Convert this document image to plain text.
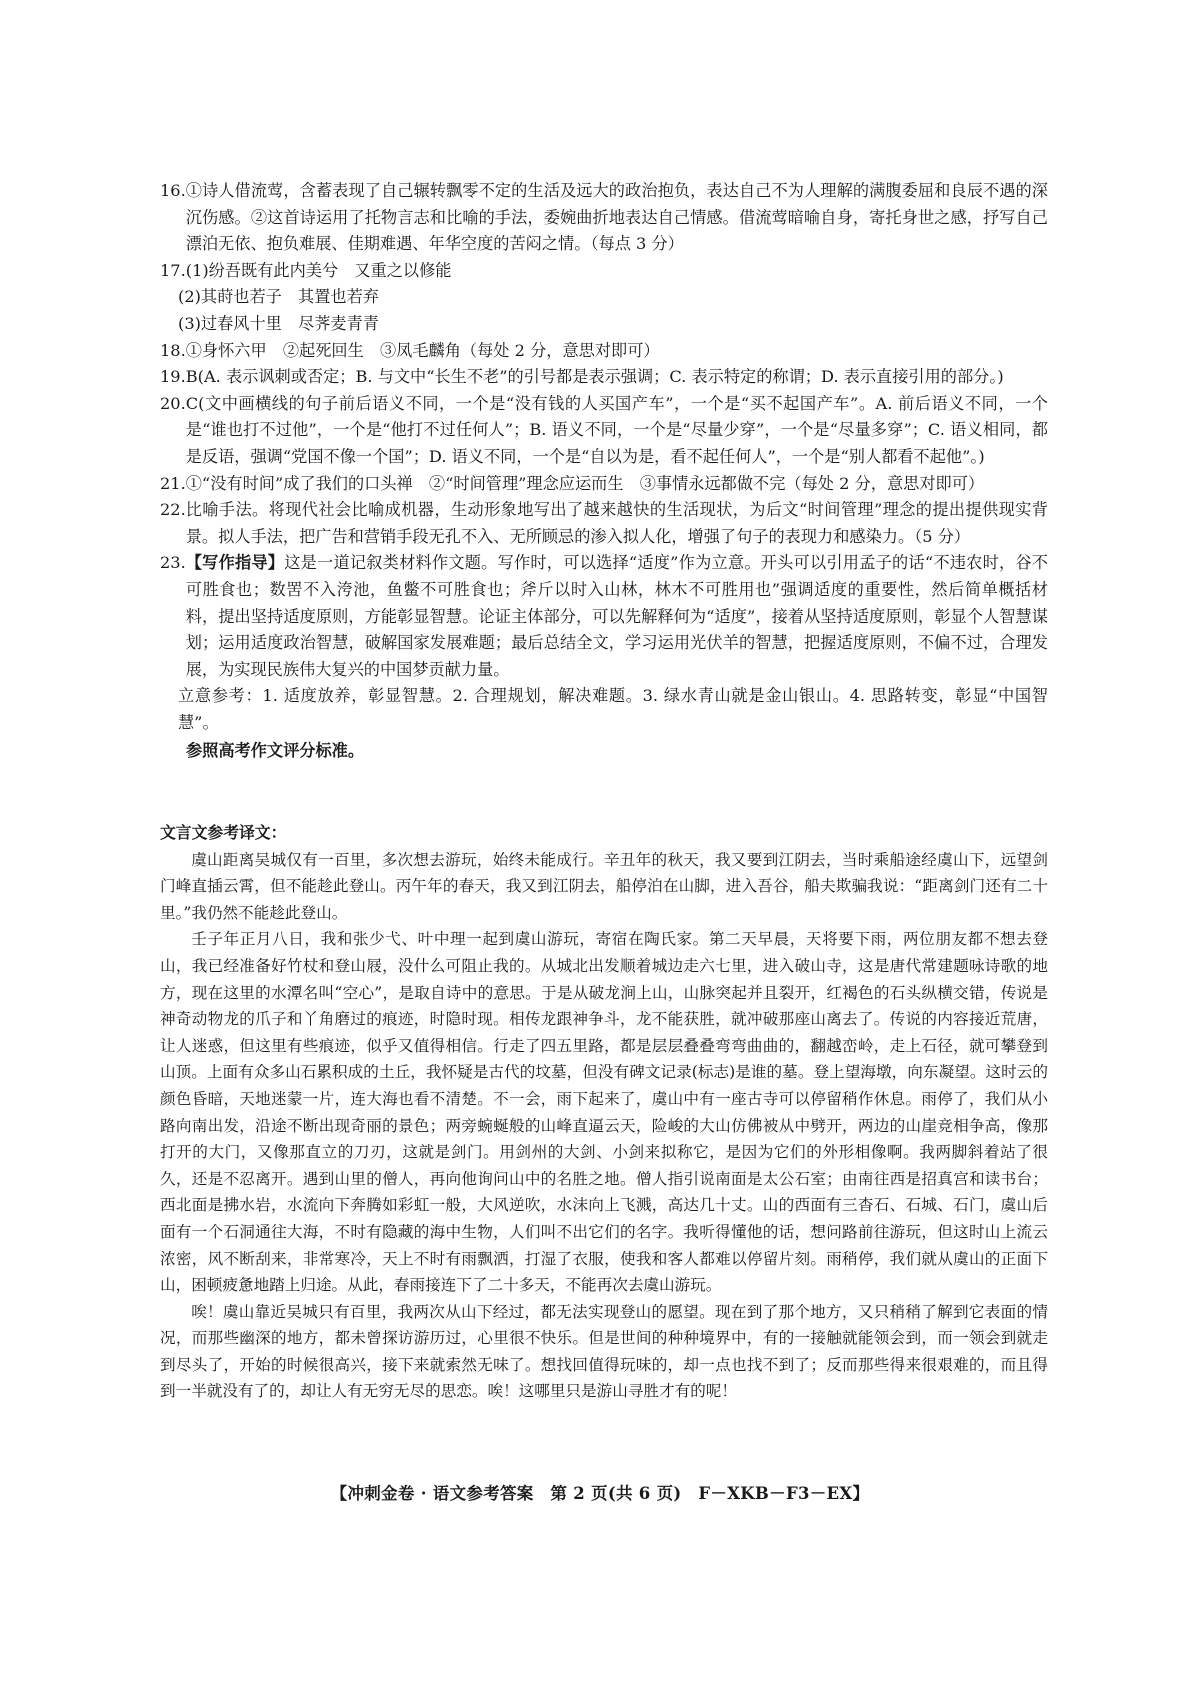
16. ①诗人借流莺，含蓄表现了自己辗转飘零不定的生活及远大的政治抱负，表达自己不为人理解的满腹委屈和良辰不遇的深沉伤感。②这首诗运用了托物言志和比喻的手法，委婉曲折地表达自己情感。借流莺暗喻自身，寄托身世之感，抒写自己漂泊无依、抱负难展、佳期难遇、年华空度的苦闷之情。（每点 3 分）
17. (1)纷吾既有此内美兮　又重之以修能
(2)其莳也若子　其置也若弃
(3)过春风十里　尽荠麦青青
18. ①身怀六甲　②起死回生　③凤毛麟角（每处 2 分，意思对即可）
19. B(A. 表示讽刺或否定；B. 与文中“长生不老”的引号都是表示强调；C. 表示特定的称谓；D. 表示直接引用的部分。)
20. C(文中画横线的句子前后语义不同，一个是“没有钱的人买国产车”，一个是“买不起国产车”。A. 前后语义不同，一个是“谁也打不过他”，一个是“他打不过任何人”；B. 语义不同，一个是“尽量少穿”，一个是“尽量多穿”；C. 语义相同，都是反语，强调“党国不像一个国”；D. 语义不同，一个是“自以为是，看不起任何人”，一个是“别人都看不起他”。)
21. ①“没有时间”成了我们的口头禅　②“时间管理”理念应运而生　③事情永远都做不完（每处 2 分，意思对即可）
22. 比喻手法。将现代社会比喻成机器，生动形象地写出了越来越快的生活现状，为后文“时间管理”理念的提出提供现实背景。拟人手法，把广告和营销手段无孔不入、无所顾忌的渗入拟人化，增强了句子的表现力和感染力。（5 分）
23. 【写作指导】这是一道记叙类材料作文题。写作时，可以选择“适度”作为立意。开头可以引用孟子的话“不违农时，谷不可胜食也；数罟不入洿池，鱼鳖不可胜食也；斧斤以时入山林，林木不可胜用也”强调适度的重要性，然后简单概括材料，提出坚持适度原则，方能彰显智慧。论证主体部分，可以先解释何为“适度”，接着从坚持适度原则，彰显个人智慧谋划；运用适度政治智慧，破解国家发展难题；最后总结全文，学习运用光伏羊的智慧，把握适度原则，不偏不过，合理发展，为实现民族伟大复兴的中国梦贡献力量。
立意参考：1. 适度放养，彰显智慧。2. 合理规划，解决难题。3. 绿水青山就是金山银山。4. 思路转变，彰显“中国智慧”。
参照高考作文评分标准。
文言文参考译文：

虞山距离吴城仅有一百里，多次想去游玩，始终未能成行。辛丑年的秋天，我又要到江阴去，当时乘船途经虞山下，远望剑门峰直插云霄，但不能趁此登山。丙午年的春天，我又到江阴去，船停泊在山脚，进入吾谷，船夫欺骗我说：“距离剑门还有二十里。”我仍然不能趁此登山。

壬子年正月八日，我和张少弋、叶中理一起到虞山游玩，寄宿在陶氏家。第二天早晨，天将要下雨，两位朋友都不想去登山，我已经准备好竹杖和登山屐，没什么可阻止我的。从城北出发顺着城边走六七里，进入破山寺，这是唐代常建题咏诗歌的地方，现在这里的水潭名叫“空心”，是取自诗中的意思。于是从破龙涧上山，山脉突起并且裂开，红褐色的石头纵横交错，传说是神奇动物龙的爪子和丫角磨过的痕迹，时隐时现。相传龙跟神争斗，龙不能获胜，就冲破那座山离去了。传说的内容接近荒唐，让人迷惑，但这里有些痕迹，似乎又值得相信。行走了四五里路，都是层层叠叠弯弯曲曲的，翻越峦岭，走上石径，就可攀登到山顶。上面有众多山石累积成的土丘，我怀疑是古代的坟墓，但没有碑文记录(标志)是谁的墓。登上望海墩，向东凝望。这时云的颜色昏暗，天地迷蒙一片，连大海也看不清楚。不一会，雨下起来了，虞山中有一座古寺可以停留稍作休息。雨停了，我们从小路向南出发，沿途不断出现奇丽的景色；两旁蜿蜒般的山峰直逼云天，险峻的大山仿佛被从中劈开，两边的山崖竞相争高，像那打开的大门，又像那直立的刀刃，这就是剑门。用剑州的大剑、小剑来拟称它，是因为它们的外形相像啊。我两脚斜着站了很久，还是不忍离开。遇到山里的僧人，再向他询问山中的名胜之地。僧人指引说南面是太公石室；由南往西是招真宫和读书台；西北面是拂水岩，水流向下奔腾如彩虹一般，大风逆吹，水沫向上飞溅，高达几十丈。山的西面有三杳石、石城、石门，虞山后面有一个石洞通往大海，不时有隐藏的海中生物，人们叫不出它们的名字。我听得懂他的话，想问路前往游玩，但这时山上流云浓密，风不断刮来，非常寒冷，天上不时有雨飘洒，打湿了衣服，使我和客人都难以停留片刻。雨稍停，我们就从虞山的正面下山，困顿疲惫地踏上归途。从此，春雨接连下了二十多天，不能再次去虞山游玩。

唉！虞山靠近吴城只有百里，我两次从山下经过，都无法实现登山的愿望。现在到了那个地方，又只稍稍了解到它表面的情况，而那些幽深的地方，都未曾探访游历过，心里很不快乐。但是世间的种种境界中，有的一接触就能领会到，而一领会到就走到尽头了，开始的时候很高兴，接下来就索然无味了。想找回值得玩味的，却一点也找不到了；反而那些得来很艰难的，而且得到一半就没有了的，却让人有无穷无尽的思恋。唉！这哪里只是游山寻胜才有的呢！

【冲刺金卷 · 语文参考答案　第 2 页(共 6 页)　F－XKB－F3－EX】
